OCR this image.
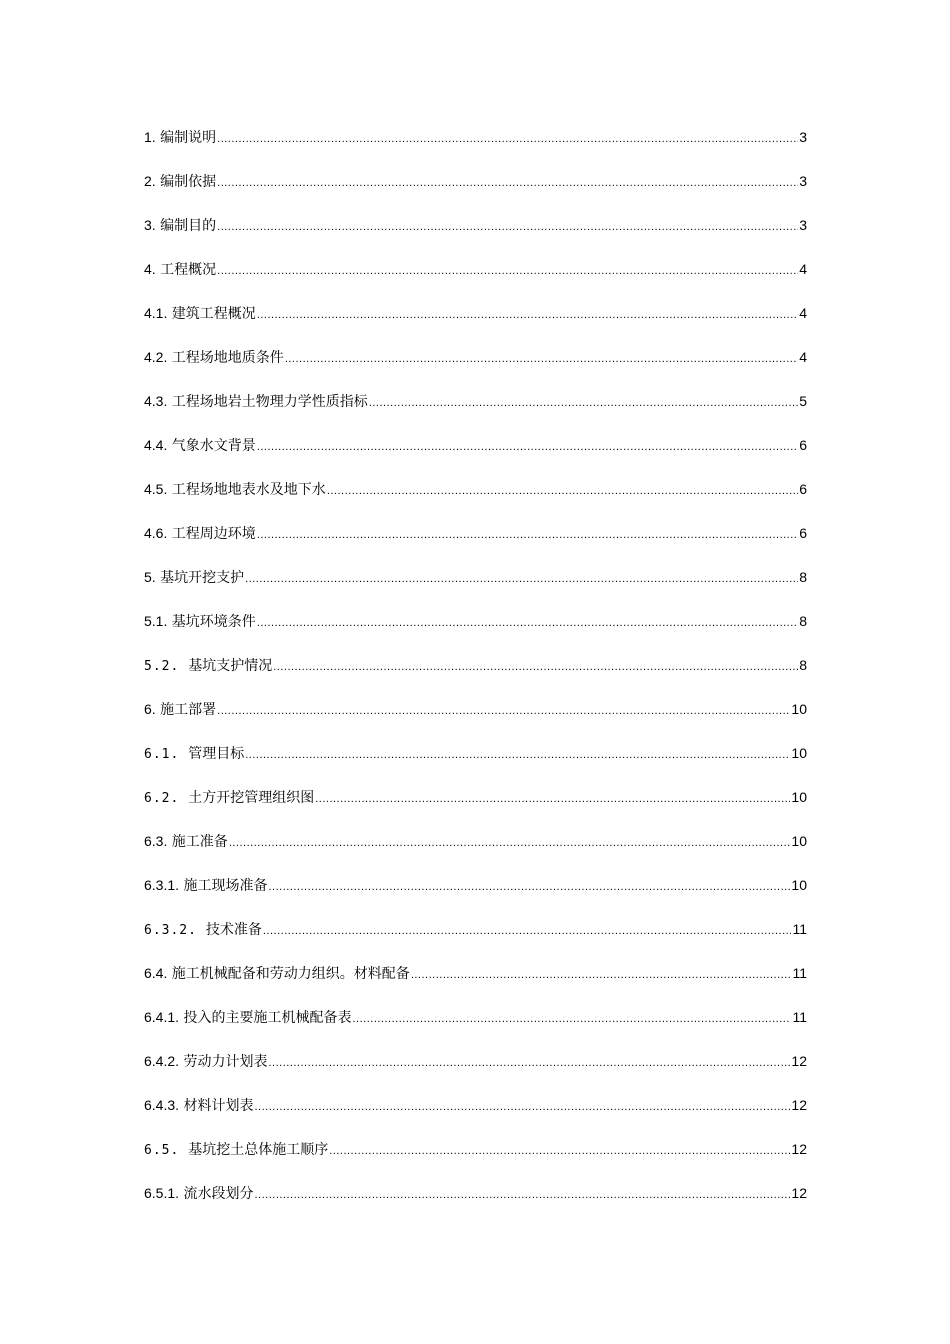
1. 编制说明 .....	3
2. 编制依据 .....	3
3. 编制目的 .....	3
4. 工程概况 .....	4
4.1. 建筑工程概况 .....	4
4.2. 工程场地地质条件 .....	4
4.3. 工程场地岩土物理力学性质指标 .....	5
4.4. 气象水文背景 .....	6
4.5. 工程场地地表水及地下水 .....	6
4.6. 工程周边环境 .....	6
5. 基坑开挖支护 .....	8
5.1. 基坑环境条件 .....	8
5.2. 基坑支护情况 .....	8
6. 施工部署 .....	10
6.1. 管理目标 .....	10
6.2. 土方开挖管理组织图 .....	10
6.3. 施工准备 .....	10
6.3.1. 施工现场准备 .....	10
6.3.2. 技术准备 .....	11
6.4. 施工机械配备和劳动力组织。材料配备 .....	11
6.4.1. 投入的主要施工机械配备表 .....	11
6.4.2. 劳动力计划表 .....	12
6.4.3. 材料计划表 .....	12
6.5. 基坑挖土总体施工顺序 .....	12
6.5.1. 流水段划分 .....	12
